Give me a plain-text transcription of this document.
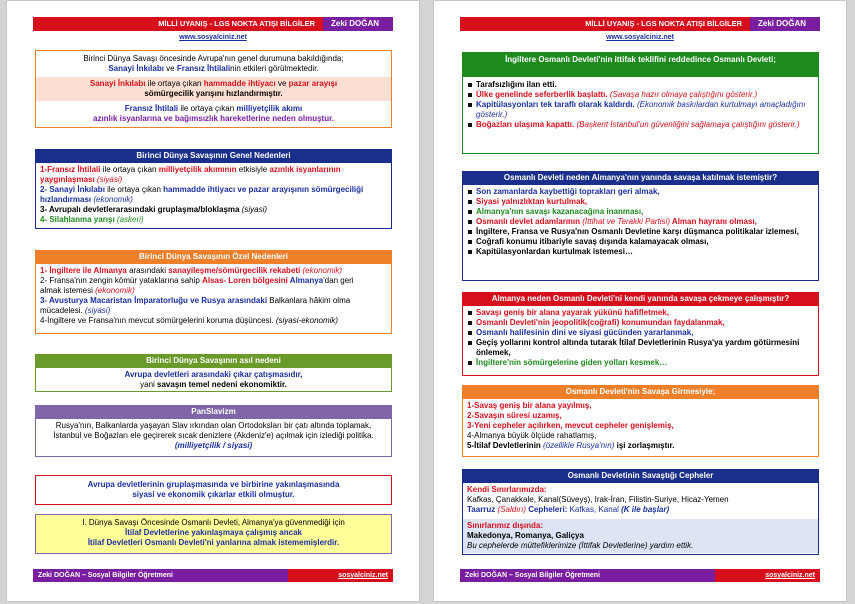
MİLLİ UYANIŞ - LGS NOKTA ATIŞI BİLGİLER	Zeki DOĞAN
www.sosyalciniz.net
Birinci Dünya Savaşı öncesinde Avrupa'nın genel durumuna bakıldığında;
Sanayi İnkılabı ve Fransız İhtilalinin etkileri görülmektedir.
Sanayi İnkılabı ile ortaya çıkan hammadde ihtiyacı ve pazar arayışı
sömürgecilik yarışını hızlandırmıştır.
Fransız İhtilali ile ortaya çıkan milliyetçilik akımı
azınlık isyanlarına ve bağımsızlık hareketlerine neden olmuştur.
Birinci Dünya Savaşının Genel Nedenleri
1-Fransız İhtilali ile ortaya çıkan milliyetçilik akımının etkisiyle azınlık isyanlarının
yaygınlaşması (siyasi)
2- Sanayi İnkılabı ile ortaya çıkan hammadde ihtiyacı ve pazar arayışının sömürgeciliği
hızlandırması (ekonomik)
3- Avrupalı devletlerarasındaki gruplaşma/bloklaşma (siyasi)
4- Silahlanma yarışı (askeri)
Birinci Dünya Savaşının Özel Nedenleri
1- İngiltere ile Almanya arasındaki sanayileşme/sömürgecilik rekabeti (ekonomik)
2- Fransa'nın zengin kömür yataklarına sahip Alsas- Loren bölgesini Almanya'dan geri
almak istemesi (ekonomik)
3- Avusturya Macaristan İmparatorluğu ve Rusya arasındaki Balkanlara hâkim olma
mücadelesi. (siyasi)
4-İngiltere ve Fransa'nın mevcut sömürgelerini koruma düşüncesi. (siyasi-ekonomik)
Birinci Dünya Savaşının asıl nedeni
Avrupa devletleri arasındaki çıkar çatışmasıdır,
yani savaşın temel nedeni ekonomiktir.
PanSlavizm
Rusya'nın, Balkanlarda yaşayan Slav ırkından olan Ortodoksları bir çatı altında toplamak,
İstanbul ve Boğazları ele geçirerek sıcak denizlere (Akdeniz'e) açılmak için izlediği politika.
(milliyetçilik / siyasi)
Avrupa devletlerinin gruplaşmasında ve birbirine yakınlaşmasında
siyasi ve ekonomik çıkarlar etkili olmuştur.
I. Dünya Savaşı Öncesinde Osmanlı Devleti, Almanya'ya güvenmediği için
İtilaf Devletlerine yakınlaşmaya çalışmış ancak
İtilaf Devletleri Osmanlı Devleti'ni yanlarına almak istememişlerdir.
Zeki DOĞAN – Sosyal Bilgiler Öğretmeni	sosyalciniz.net
MİLLİ UYANIŞ - LGS NOKTA ATIŞI BİLGİLER	Zeki DOĞAN
www.sosyalciniz.net
İngiltere Osmanlı Devleti'nin ittifak teklifini reddedince Osmanlı Devleti;
Tarafsızlığını ilan etti.
Ülke genelinde seferberlik başlattı. (Savaşa hazır olmaya çalıştığını gösterir.)
Kapitülasyonları tek taraflı olarak kaldırdı. (Ekonomik baskılardan kurtulmayı amaçladığını gösterir.)
Boğazları ulaşıma kapattı. (Başkent İstanbul'un güvenliğini sağlamaya çalıştığını gösterir.)
Osmanlı Devleti neden Almanya'nın yanında savaşa katılmak istemiştir?
Son zamanlarda kaybettiği toprakları geri almak,
Siyasi yalnızlıktan kurtulmak,
Almanya'nın savaşı kazanacağına inanması,
Osmanlı devlet adamlarının (İttihat ve Terakki Partisi) Alman hayranı olması,
İngiltere, Fransa ve Rusya'nın Osmanlı Devletine karşı düşmanca politikalar izlemesi,
Coğrafi konumu itibariyle savaş dışında kalamayacak olması,
Kapitülasyonlardan kurtulmak istemesi…
Almanya neden Osmanlı Devleti'ni kendi yanında savaşa çekmeye çalışmıştır?
Savaşı geniş bir alana yayarak yükünü hafifletmek,
Osmanlı Devleti'nin jeopolitik(coğrafi) konumundan faydalanmak,
Osmanlı halifesinin dini ve siyasi gücünden yararlanmak,
Geçiş yollarını kontrol altında tutarak İtilaf Devletlerinin Rusya'ya yardım götürmesini önlemek,
İngiltere'nin sömürgelerine giden yolları kesmek…
Osmanlı Devleti'nin Savaşa Girmesiyle;
1-Savaş geniş bir alana yayılmış,
2-Savaşın süresi uzamış,
3-Yeni cepheler açılırken, mevcut cepheler genişlemiş,
4-Almanya büyük ölçüde rahatlamış,
5-İtilaf Devletlerinin (özellikle Rusya'nın) işi zorlaşmıştır.
Osmanlı Devletinin Savaştığı Cepheler
Kendi Sınırlarımızda:
Kafkas, Çanakkale, Kanal(Süveyş), Irak-İran, Filistin-Suriye, Hicaz-Yemen
Taarruz (Saldırı) Cepheleri: Kafkas, Kanal (K ile başlar)
Sınırlarımız dışında:
Makedonya, Romanya, Galiçya
Bu cephelerde müttefiklerimize (İttifak Devletlerine) yardım ettik.
Zeki DOĞAN – Sosyal Bilgiler Öğretmeni	sosyalciniz.net
